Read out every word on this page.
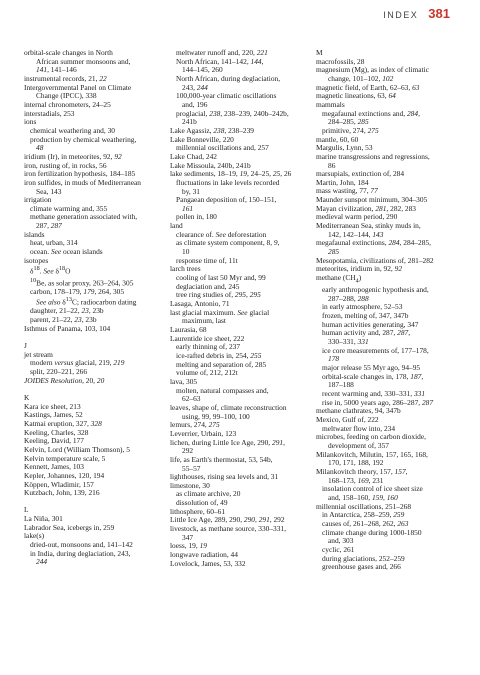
INDEX 381
orbital-scale changes in North
African summer monsoons and,
141, 141–146
instrumental records, 21, 22
Intergovernmental Panel on Climate
Change (IPCC), 338
internal chronometers, 24–25
interstadials, 253
ions
chemical weathering and, 30
production by chemical weathering,
48
iridium (Ir), in meteorites, 92, 92
iron, rusting of, in rocks, 56
iron fertilization hypothesis, 184–185
iron sulfides, in muds of Mediterranean
Sea, 143
irrigation
climate warming and, 355
methane generation associated with,
287, 287
islands
heat, urban, 314
ocean. See ocean islands
isotopes
$\delta^{18}$. See $\delta^{18}O$
$^{10}$Be, as solar proxy, 263–264, 305
carbon, 178–179, 179, 264, 305
See also $\delta^{13}C$; radiocarbon dating
daughter, 21–22, 23, 23b
parent, 21–22, 23, 23b
Isthmus of Panama, 103, 104
J
jet stream
modern versus glacial, 219, 219
split, 220–221, 266
JOIDES Resolution, 20, 20
K
Kara ice sheet, 213
Kastings, James, 52
Katmai eruption, 327, 328
Keeling, Charles, 328
Keeling, David, 177
Kelvin, Lord (William Thomson), 5
Kelvin temperature scale, 5
Kennett, James, 103
Kepler, Johannes, 120, 194
Köppen, Wladimir, 157
Kutzbach, John, 139, 216
L
La Niña, 301
Labrador Sea, icebergs in, 259
lake(s)
dried-out, monsoons and, 141–142
in India, during deglaciation, 243,
244
meltwater runoff and, 220, 221
North African, 141–142, 144,
144–145, 260
North African, during deglaciation,
243, 244
100,000-year climatic oscillations
and, 196
proglacial, 238, 238–239, 240b–242b,
241b
Lake Agassiz, 238, 238–239
Lake Bonneville, 220
millennial oscillations and, 257
Lake Chad, 242
Lake Missoula, 240b, 241b
lake sediments, 18–19, 19, 24–25, 25, 26
fluctuations in lake levels recorded
by, 31
Pangaean deposition of, 150–151,
161
pollen in, 180
land
clearance of. See deforestation
as climate system component, 8, 9,
10
response time of, 11t
larch trees
cooling of last 50 Myr and, 99
deglaciation and, 245
tree ring studies of, 295, 295
Lasaga, Antonio, 71
last glacial maximum. See glacial
maximum, last
Laurasia, 68
Laurentide ice sheet, 222
early thinning of, 237
ice-rafted debris in, 254, 255
melting and separation of, 285
volume of, 212, 212t
lava, 305
molten, natural compasses and,
62–63
leaves, shape of, climate reconstruction
using, 99, 99–100, 100
lemurs, 274, 275
Leverrier, Urbain, 123
lichen, during Little Ice Age, 290, 291,
292
life, as Earth's thermostat, 53, 54b,
55–57
lighthouses, rising sea levels and, 31
limestone, 30
as climate archive, 20
dissolution of, 49
lithosphere, 60–61
Little Ice Age, 289, 290, 290, 291, 292
livestock, as methane source, 330–331,
347
loess, 19, 19
longwave radiation, 44
Lovelock, James, 53, 332
M
macrofossils, 28
magnesium (Mg), as index of climatic
change, 101–102, 102
magnetic field, of Earth, 62–63, 63
magnetic lineations, 63, 64
mammals
megafaunal extinctions and, 284,
284–285, 285
primitive, 274, 275
mantle, 60, 60
Margulis, Lynn, 53
marine transgressions and regressions,
86
marsupials, extinction of, 284
Martin, John, 184
mass wasting, 77, 77
Maunder sunspot minimum, 304–305
Mayan civilization, 281, 282, 283
medieval warm period, 290
Mediterranean Sea, stinky muds in,
142, 142–144, 143
megafaunal extinctions, 284, 284–285,
285
Mesopotamia, civilizations of, 281–282
meteorites, iridium in, 92, 92
methane $(CH_4)$
early anthropogenic hypothesis and,
287–288, 288
in early atmosphere, 52–53
frozen, melting of, 347, 347b
human activities generating, 347
human activity and, 287, 287,
330–331, 331
ice core measurements of, 177–178,
178
major release 55 Myr ago, 94–95
orbital-scale changes in, 178, 187,
187–188
recent warming and, 330–331, 331
rise in, 5000 years ago, 286–287, 287
methane clathrates, 94, 347b
Mexico, Gulf of, 222
meltwater flow into, 234
microbes, feeding on carbon dioxide,
development of, 357
Milankovitch, Milutin, 157, 165, 168,
170, 171, 188, 192
Milankovitch theory, 157, 157,
168–173, 169, 231
insolation control of ice sheet size
and, 158–160, 159, 160
millennial oscillations, 251–268
in Antarctica, 258–259, 259
causes of, 261–268, 262, 263
climate change during 1000-1850
and, 303
cyclic, 261
during glaciations, 252–259
greenhouse gases and, 266
